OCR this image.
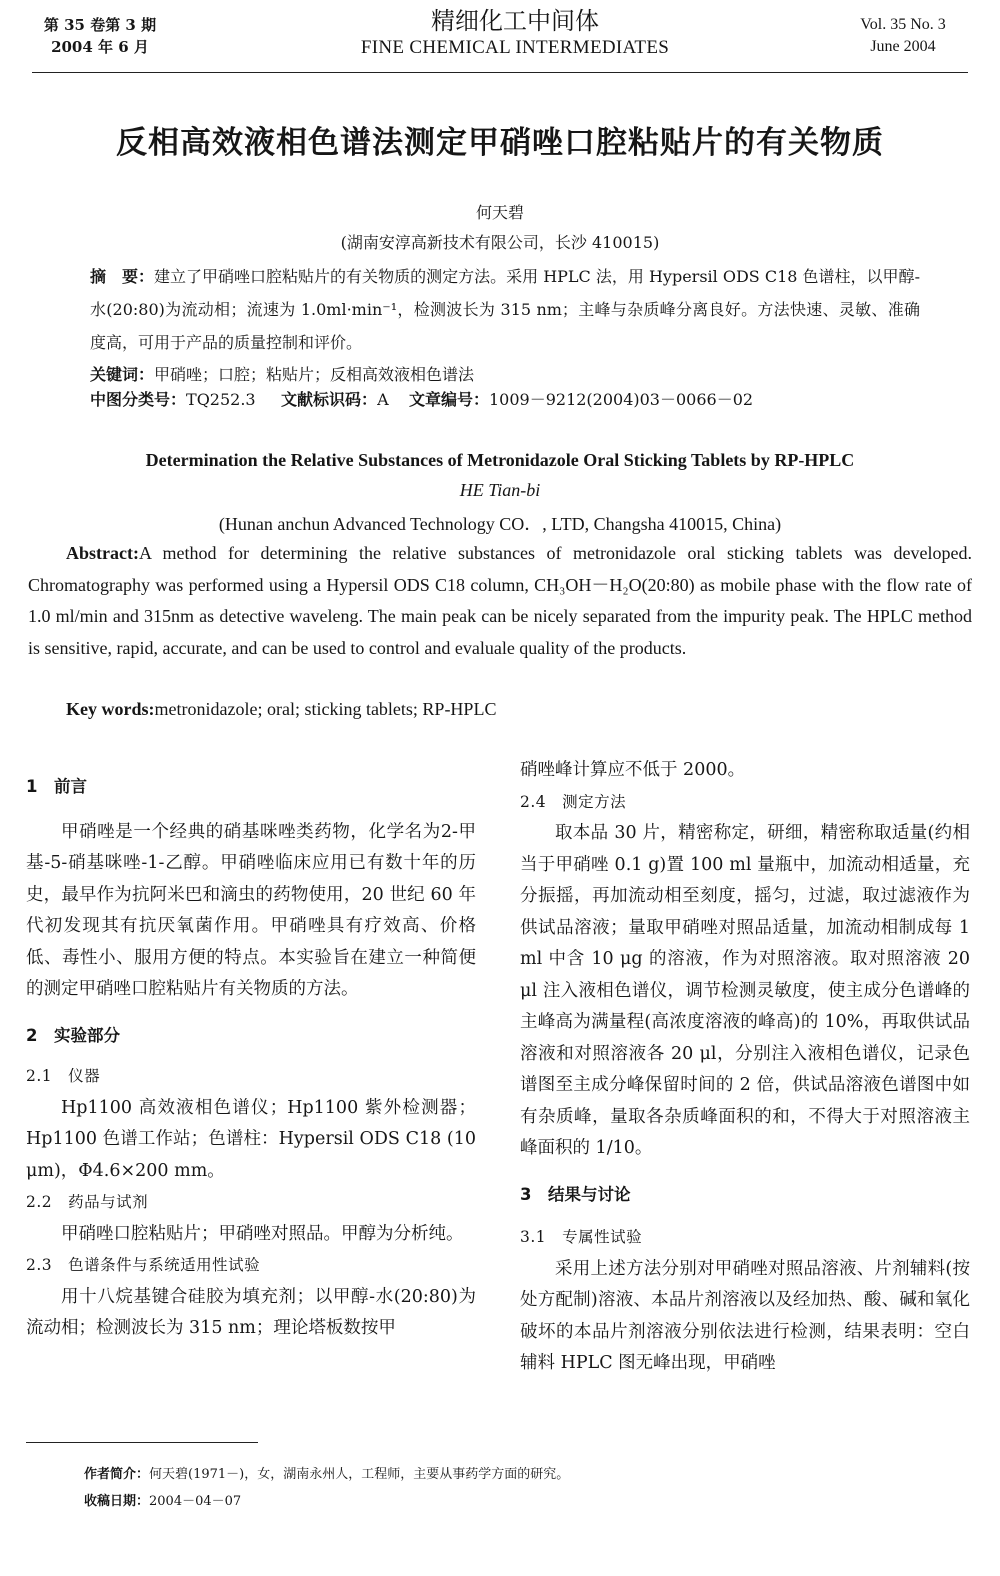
第 35 卷第 3 期
2004 年 6 月
精细化工中间体
FINE CHEMICAL INTERMEDIATES
Vol. 35 No. 3
June 2004
反相高效液相色谱法测定甲硝唑口腔粘贴片的有关物质
何天碧
(湖南安淳高新技术有限公司，长沙 410015)
摘　要：建立了甲硝唑口腔粘贴片的有关物质的测定方法。采用 HPLC 法，用 Hypersil ODS C18 色谱柱，以甲醇-水(20:80)为流动相；流速为 1.0ml·min⁻¹，检测波长为 315 nm；主峰与杂质峰分离良好。方法快速、灵敏、准确度高，可用于产品的质量控制和评价。
关键词：甲硝唑；口腔；粘贴片；反相高效液相色谱法
中图分类号：TQ252.3 文献标识码：A 文章编号：1009－9212(2004)03－0066－02
Determination the Relative Substances of Metronidazole Oral Sticking Tablets by RP-HPLC
HE Tian-bi
(Hunan anchun Advanced Technology CO．, LTD, Changsha 410015, China)
Abstract:A method for determining the relative substances of metronidazole oral sticking tablets was developed. Chromatography was performed using a Hypersil ODS C18 column, CH₃OH－H₂O(20:80) as mobile phase with the flow rate of 1.0 ml/min and 315nm as detective waveleng. The main peak can be nicely separated from the impurity peak. The HPLC method is sensitive, rapid, accurate, and can be used to control and evaluale quality of the products.
Key words:metronidazole; oral; sticking tablets; RP-HPLC
1　前言

甲硝唑是一个经典的硝基咪唑类药物，化学名为2-甲基-5-硝基咪唑-1-乙醇。甲硝唑临床应用已有数十年的历史，最早作为抗阿米巴和滴虫的药物使用，20 世纪 60 年代初发现其有抗厌氧菌作用。甲硝唑具有疗效高、价格低、毒性小、服用方便的特点。本实验旨在建立一种简便的测定甲硝唑口腔粘贴片有关物质的方法。

2　实验部分
2.1　仪器

Hp1100 高效液相色谱仪；Hp1100 紫外检测器；Hp1100 色谱工作站；色谱柱：Hypersil ODS C18 (10 μm)，Φ4.6×200 mm。

2.2　药品与试剂

甲硝唑口腔粘贴片；甲硝唑对照品。甲醇为分析纯。

2.3　色谱条件与系统适用性试验

用十八烷基键合硅胶为填充剂；以甲醇-水(20:80)为流动相；检测波长为 315 nm；理论塔板数按甲

硝唑峰计算应不低于 2000。

2.4　测定方法

取本品 30 片，精密称定，研细，精密称取适量(约相当于甲硝唑 0.1 g)置 100 ml 量瓶中，加流动相适量，充分振摇，再加流动相至刻度，摇匀，过滤，取过滤液作为供试品溶液；量取甲硝唑对照品适量，加流动相制成每 1 ml 中含 10 μg 的溶液，作为对照溶液。取对照溶液 20 μl 注入液相色谱仪，调节检测灵敏度，使主成分色谱峰的主峰高为满量程(高浓度溶液的峰高)的 10%，再取供试品溶液和对照溶液各 20 μl，分别注入液相色谱仪，记录色谱图至主成分峰保留时间的 2 倍，供试品溶液色谱图中如有杂质峰，量取各杂质峰面积的和，不得大于对照溶液主峰面积的 1/10。

3　结果与讨论
3.1　专属性试验

采用上述方法分别对甲硝唑对照品溶液、片剂辅料(按处方配制)溶液、本品片剂溶液以及经加热、酸、碱和氧化破坏的本品片剂溶液分别依法进行检测，结果表明：空白辅料 HPLC 图无峰出现，甲硝唑

作者简介：何天碧(1971－)，女，湖南永州人，工程师，主要从事药学方面的研究。
收稿日期：2004－04－07
